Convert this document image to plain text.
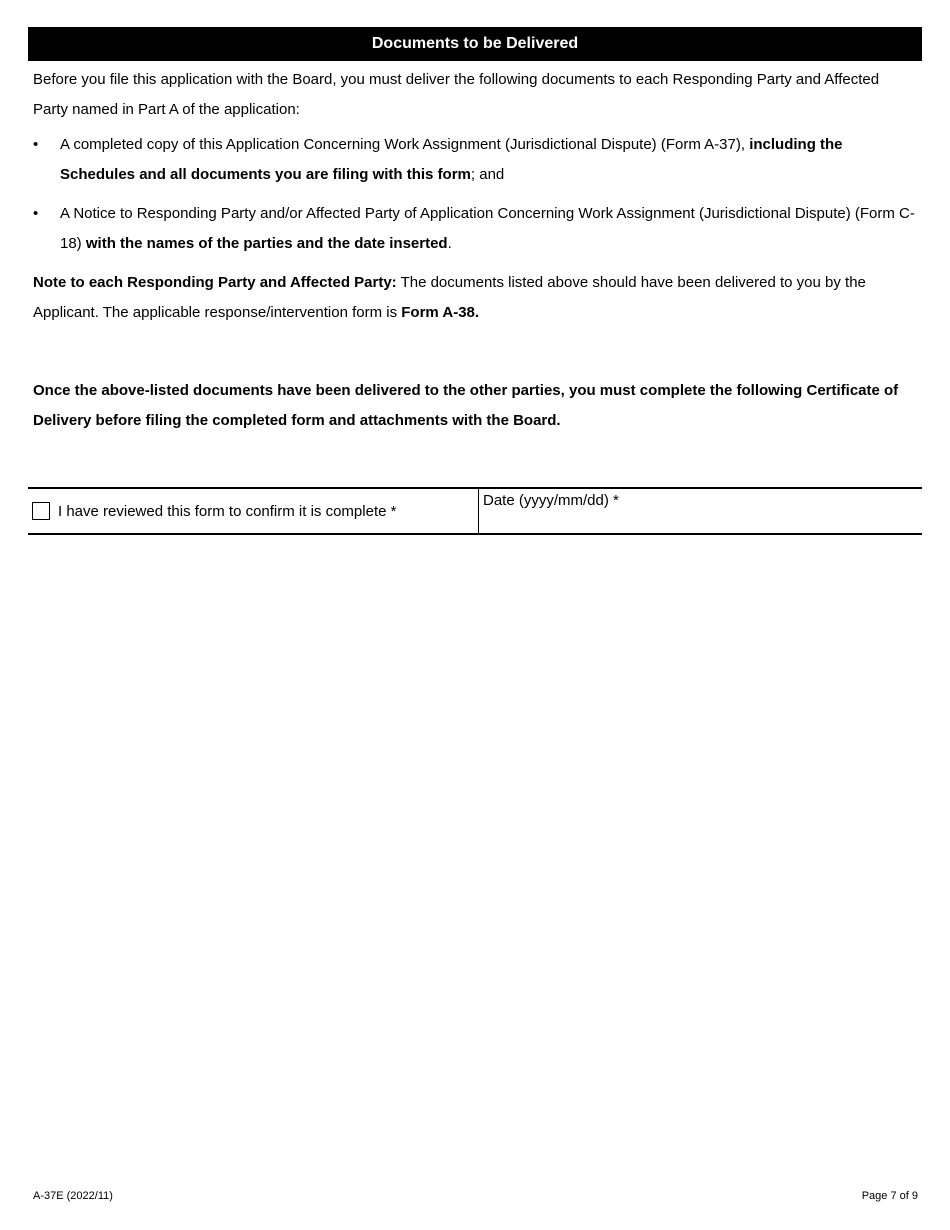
Documents to be Delivered

Before you file this application with the Board, you must deliver the following documents to each Responding Party and Affected Party named in Part A of the application:

• A completed copy of this Application Concerning Work Assignment (Jurisdictional Dispute) (Form A-37), including the Schedules and all documents you are filing with this form; and
• A Notice to Responding Party and/or Affected Party of Application Concerning Work Assignment (Jurisdictional Dispute) (Form C-18) with the names of the parties and the date inserted.

Note to each Responding Party and Affected Party: The documents listed above should have been delivered to you by the Applicant. The applicable response/intervention form is Form A-38.

Once the above-listed documents have been delivered to the other parties, you must complete the following Certificate of Delivery before filing the completed form and attachments with the Board.

I have reviewed this form to confirm it is complete *
Date (yyyy/mm/dd) *
A-37E (2022/11)	Page 7 of 9
